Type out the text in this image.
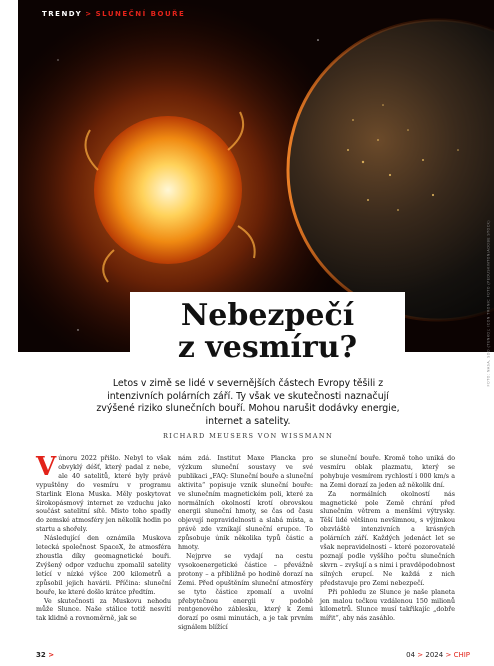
TRENDY > SLUNEČNÍ BOUŘE
FOTO: NASA, SDO (TUNKO); ICON TRONIC FOTO (PEDUSKINTON/ADOBE STOCK)
Nebezpečí
z vesmíru?
Letos v zimě se lidé v severnějších částech Evropy těšili z intenzivních polárních září. Ty však ve skutečnosti naznačují zvýšené riziko slunečních bouří. Mohou narušit dodávky energie, internet a satelity.
RICHARD MEUSERS VON WISSMANN

Vúnoru 2022 přišlo. Nebyl to však obvyklý déšť, který padal z nebe, ale 40 satelitů, které byly právě vypuštěny do vesmíru v programu Starlink Elona Muska. Měly poskytovat širokopásmový internet ze vzduchu jako součást satelitní sítě. Misto toho spadly do zemské atmosféry jen několik hodin po startu a shořely.

Následující den oznámila Muskova letecká společnost SpaceX, že atmosféra zhoustla díky geomagnetické bouři. Zvýšený odpor vzduchu zpomalil satelity letící v nízké výšce 200 kilometrů a způsobil jejich havárii. Příčina: sluneční bouře, ke které došlo krátce předtím.

Ve skutečnosti za Muskovu nehodu může Slunce. Naše stálice totiž nesvítí tak klidně a rovnoměrně, jak se

nám zdá. Institut Maxe Plancka pro výzkum sluneční soustavy ve své publikaci „FAQ: Sluneční bouře a sluneční aktivita“ popisuje vznik sluneční bouře: ve slunečním magnetickém poli, které za normálních okolností krotí obrovskou energii sluneční hmoty, se čas od času objevují nepravidelnosti a slabá místa, a právě zde vznikají sluneční erupce. To způsobuje únik několika typů částic a hmoty.

Nejprve se vydají na cestu vysokoenergetické částice – převážně protony – a přibližně po hodině dorazí na Zemi. Před opuštěním sluneční atmosféry se tyto částice zpomalí a uvolní přebytečnou energii v podobě rentgenového záblesku, který k Zemi dorazí po osmi minutách, a je tak prvním signálem blížící

se sluneční bouře. Kromě toho uniká do vesmíru oblak plazmatu, který se pohybuje vesmírem rychlostí i 000 km/s a na Zemi dorazí za jeden až několik dní.

Za normálních okolností nás magnetické pole Země chrání před slunečním větrem a menšími výtrysky. Těší lidé většinou nevšimnou, s výjimkou obzvláště intenzivních a krásných polárních září. Každých jedenáct let se však nepravidelnosti – které pozorovatelé poznají podle vyššího počtu slunečních skvrn – zvyšují a s nimi i pravděpodobnost silných erupcí. Ne každá z nich představuje pro Zemi nebezpečí.

Při pohledu ze Slunce je naše planeta jen malou tečkou vzdálenou 150 milionů kilometrů. Slunce musí takřikajíc „dobře mířit“, aby nás zasáhlo.

32 >	04 > 2024 > CHIP
